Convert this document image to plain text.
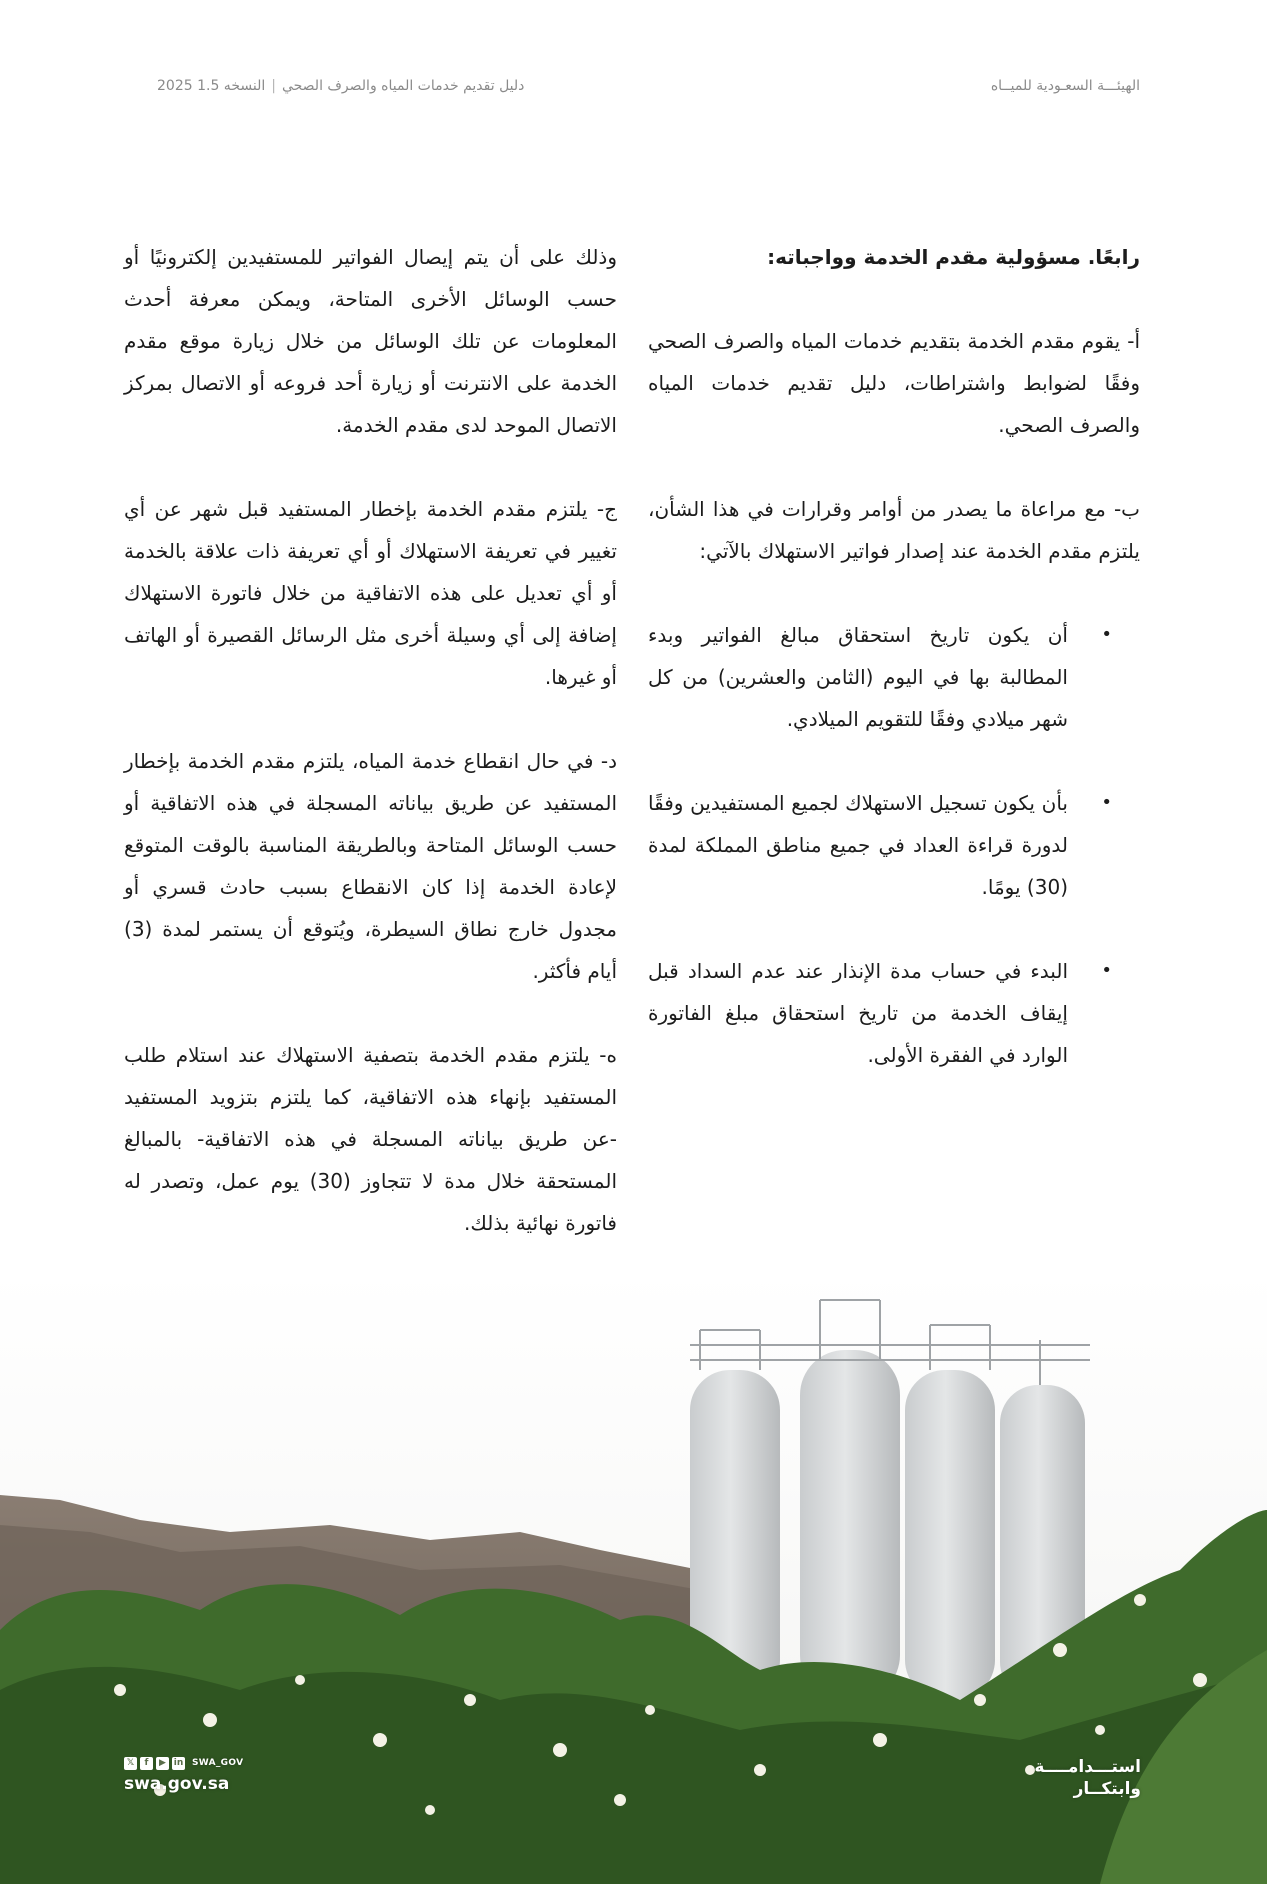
الهيئـــة السعـودية للميــاه
دليل تقديم خدمات المياه والصرف الصحي|النسخه 1.5 2025

رابعًا. مسؤولية مقدم الخدمة وواجباته:

أ- يقوم مقدم الخدمة بتقديم خدمات المياه والصرف الصحي وفقًا لضوابط واشتراطات، دليل تقديم خدمات المياه والصرف الصحي.

ب- مع مراعاة ما يصدر من أوامر وقرارات في هذا الشأن، يلتزم مقدم الخدمة عند إصدار فواتير الاستهلاك بالآتي:

•
أن يكون تاريخ استحقاق مبالغ الفواتير وبدء المطالبة بها في اليوم (الثامن والعشرين) من كل شهر ميلادي وفقًا للتقويم الميلادي.
•
بأن يكون تسجيل الاستهلاك لجميع المستفيدين وفقًا لدورة قراءة العداد في جميع مناطق المملكة لمدة (30) يومًا.
•
البدء في حساب مدة الإنذار عند عدم السداد قبل إيقاف الخدمة من تاريخ استحقاق مبلغ الفاتورة الوارد في الفقرة الأولى.

وذلك على أن يتم إيصال الفواتير للمستفيدين إلكترونيًا أو حسب الوسائل الأخرى المتاحة، ويمكن معرفة أحدث المعلومات عن تلك الوسائل من خلال زيارة موقع مقدم الخدمة على الانترنت أو زيارة أحد فروعه أو الاتصال بمركز الاتصال الموحد لدى مقدم الخدمة.

ج- يلتزم مقدم الخدمة بإخطار المستفيد قبل شهر عن أي تغيير في تعريفة الاستهلاك أو أي تعريفة ذات علاقة بالخدمة أو أي تعديل على هذه الاتفاقية من خلال فاتورة الاستهلاك إضافة إلى أي وسيلة أخرى مثل الرسائل القصيرة أو الهاتف أو غيرها.

د- في حال انقطاع خدمة المياه، يلتزم مقدم الخدمة بإخطار المستفيد عن طريق بياناته المسجلة في هذه الاتفاقية أو حسب الوسائل المتاحة وبالطريقة المناسبة بالوقت المتوقع لإعادة الخدمة إذا كان الانقطاع بسبب حادث قسري أو مجدول خارج نطاق السيطرة، ويُتوقع أن يستمر لمدة (3) أيام فأكثر.

ه- يلتزم مقدم الخدمة بتصفية الاستهلاك عند استلام طلب المستفيد بإنهاء هذه الاتفاقية، كما يلتزم بتزويد المستفيد -عن طريق بياناته المسجلة في هذه الاتفاقية- بالمبالغ المستحقة خلال مدة لا تتجاوز (30) يوم عمل، وتصدر له فاتورة نهائية بذلك.

استـــدامــــة
وابتكــار
𝕏	f	▶ in SWA_GOV
swa.gov.sa
